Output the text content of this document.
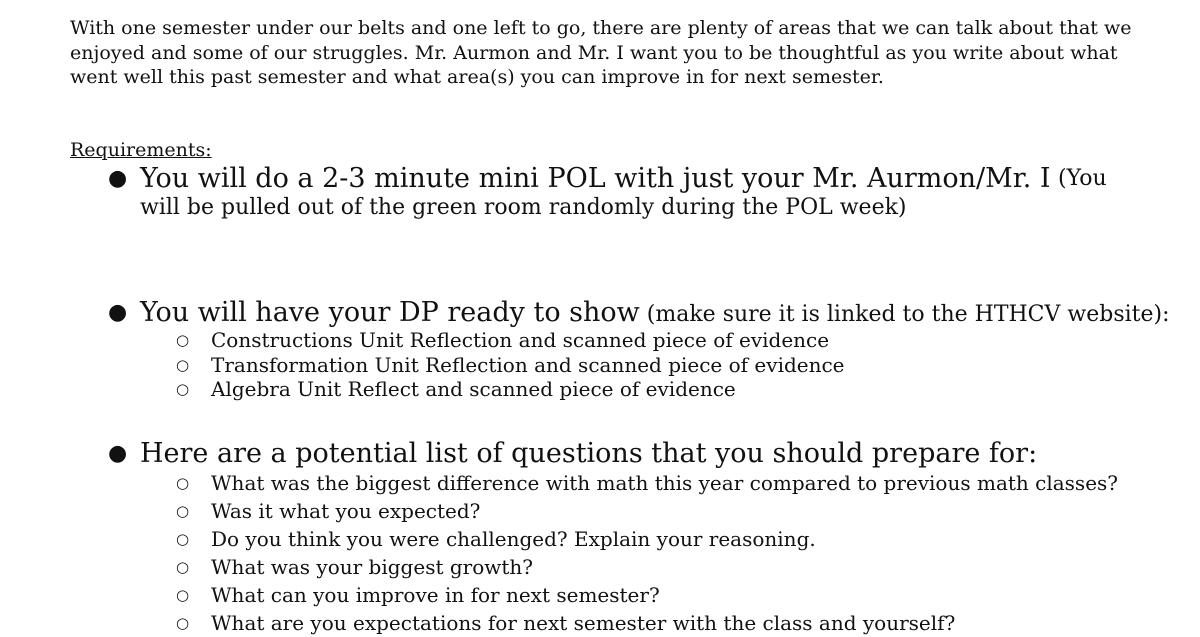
With one semester under our belts and one left to go, there are plenty of areas that we can talk about that we enjoyed and some of our struggles. Mr. Aurmon and Mr. I want you to be thoughtful as you write about what went well this past semester and what area(s) you can improve in for next semester.

Requirements:

● You will do a 2-3 minute mini POL with just your Mr. Aurmon/Mr. I (You
will be pulled out of the green room randomly during the POL week)
● You will have your DP ready to show (make sure it is linked to the HTHCV website):
○ Constructions Unit Reflection and scanned piece of evidence
○ Transformation Unit Reflection and scanned piece of evidence
○ Algebra Unit Reflect and scanned piece of evidence
● Here are a potential list of questions that you should prepare for:
○ What was the biggest difference with math this year compared to previous math classes?
○ Was it what you expected?
○ Do you think you were challenged? Explain your reasoning.
○ What was your biggest growth?
○ What can you improve in for next semester?
○ What are you expectations for next semester with the class and yourself?
